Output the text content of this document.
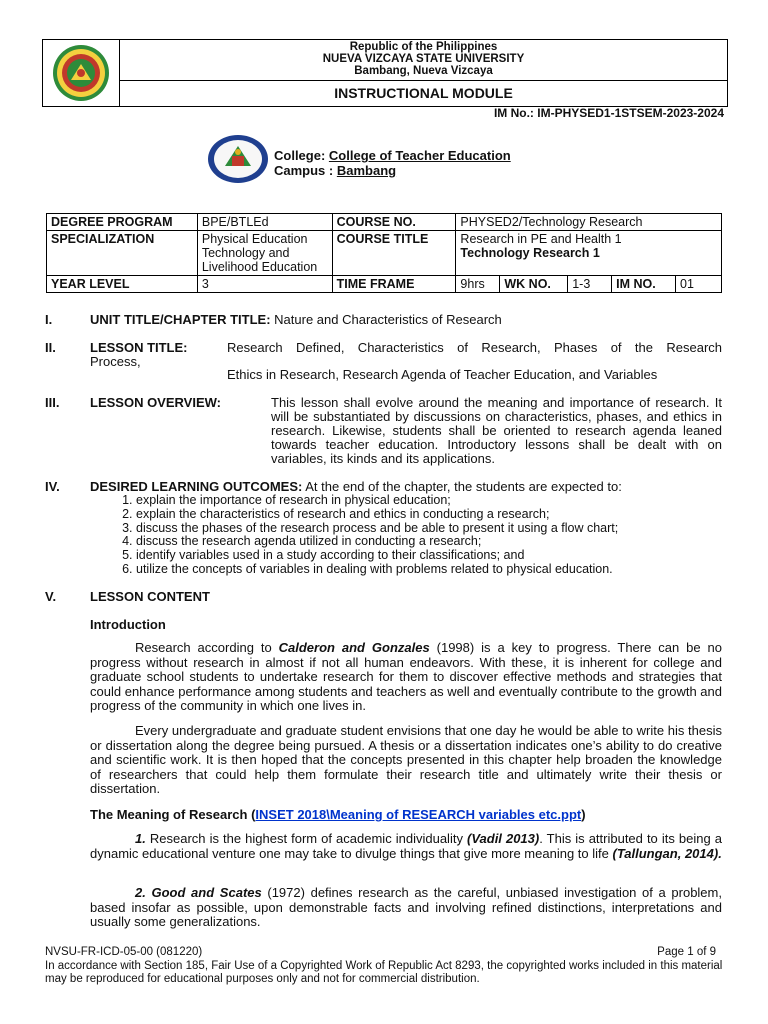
Republic of the Philippines
NUEVA VIZCAYA STATE UNIVERSITY
Bambang, Nueva Vizcaya
INSTRUCTIONAL MODULE
IM No.: IM-PHYSED1-1STSEM-2023-2024
College: College of Teacher Education
Campus : Bambang
DEGREE PROGRAM	BPE/BTLEd	COURSE NO.	PHYSED2/Technology Research				
SPECIALIZATION	Physical Education Technology and Livelihood Education	COURSE TITLE	Research in PE and Health 1
Technology Research 1				

YEAR LEVEL	3	TIME FRAME	9hrs	WK NO.	1-3	IM NO.	01
I.	UNIT TITLE/CHAPTER TITLE: Nature and Characteristics of Research
II.	LESSON TITLE:	Research Defined, Characteristics of Research, Phases of the Research
Process,
Ethics in Research, Research Agenda of Teacher Education, and Variables
III. LESSON OVERVIEW:	This lesson shall evolve around the meaning and importance of research. It will be substantiated by discussions on characteristics, phases, and ethics in research. Likewise, students shall be oriented to research agenda leaned towards teacher education. Introductory lessons shall be dealt with on variables, its kinds and its applications.
IV. DESIRED LEARNING OUTCOMES: At the end of the chapter, the students are expected to:
1. explain the importance of research in physical education;
2. explain the characteristics of research and ethics in conducting a research;
3. discuss the phases of the research process and be able to present it using a flow chart;
4. discuss the research agenda utilized in conducting a research;
5. identify variables used in a study according to their classifications; and
6. utilize the concepts of variables in dealing with problems related to physical education.
V.	LESSON CONTENT
Introduction
Research according to Calderon and Gonzales (1998) is a key to progress. There can be no progress without research in almost if not all human endeavors. With these, it is inherent for college and graduate school students to undertake research for them to discover effective methods and strategies that could enhance performance among students and teachers as well and eventually contribute to the growth and progress of the community in which one lives in.
Every undergraduate and graduate student envisions that one day he would be able to write his thesis or dissertation along the degree being pursued. A thesis or a dissertation indicates one’s ability to do creative and scientific work. It is then hoped that the concepts presented in this chapter help broaden the knowledge of researchers that could help them formulate their research title and ultimately write their thesis or dissertation.
The Meaning of Research (INSET 2018\Meaning of RESEARCH variables etc.ppt)
1. Research is the highest form of academic individuality (Vadil 2013). This is attributed to its being a dynamic educational venture one may take to divulge things that give more meaning to life (Tallungan, 2014).
2. Good and Scates (1972) defines research as the careful, unbiased investigation of a problem, based insofar as possible, upon demonstrable facts and involving refined distinctions, interpretations and usually some generalizations.
NVSU-FR-ICD-05-00 (081220)	Page 1 of 9
In accordance with Section 185, Fair Use of a Copyrighted Work of Republic Act 8293, the copyrighted works included in this material may be reproduced for educational purposes only and not for commercial distribution.
